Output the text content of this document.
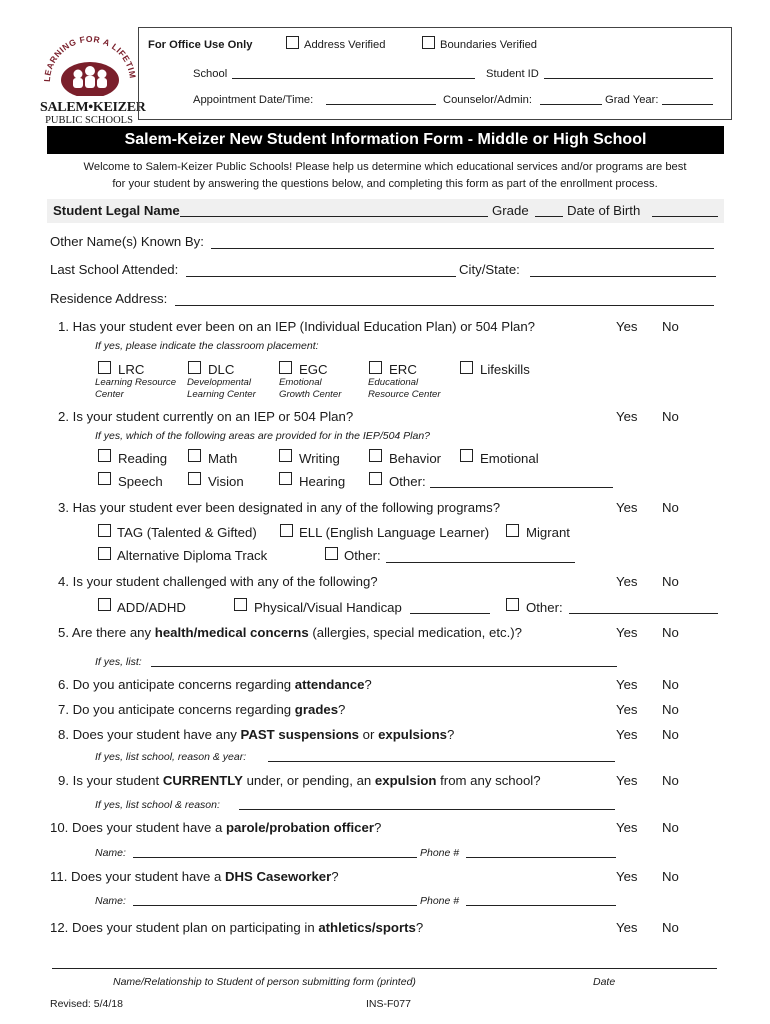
LEARNING FOR A LIFETIM
SALEM•KEIZER
PUBLIC SCHOOLS
For Office Use Only	Address Verified	Boundaries Verified
School	Student ID
Appointment Date/Time:	Counselor/Admin:	Grad Year:
Salem-Keizer New Student Information Form - Middle or High School
Welcome to Salem-Keizer Public Schools! Please help us determine which educational services and/or programs are best
for your student by answering the questions below, and completing this form as part of the enrollment process.
Student Legal Name	Grade	Date of Birth
Other Name(s) Known By:
Last School Attended:	City/State:
Residence Address:
1. Has your student ever been on an IEP (Individual Education Plan) or 504 Plan?	Yes No
If yes, please indicate the classroom placement:
LRC
Learning Resource
Center
DLC
Developmental
Learning Center
EGC
Emotional
Growth Center
ERC
Educational
Resource Center
Lifeskills
2. Is your student currently on an IEP or 504 Plan?	Yes No
If yes, which of the following areas are provided for in the IEP/504 Plan?
Reading	Math	Writing	Behavior	Emotional
Speech	Vision	Hearing	Other:
3. Has your student ever been designated in any of the following programs?	Yes No
TAG (Talented & Gifted)	ELL (English Language Learner)	Migrant
Alternative Diploma Track	Other:
4. Is your student challenged with any of the following?	Yes No
ADD/ADHD	Physical/Visual Handicap	Other:
5. Are there any health/medical concerns (allergies, special medication, etc.)?	Yes No
If yes, list:
6. Do you anticipate concerns regarding attendance?	Yes No
7. Do you anticipate concerns regarding grades?	Yes No
8. Does your student have any PAST suspensions or expulsions?	Yes No
If yes, list school, reason & year:
9. Is your student CURRENTLY under, or pending, an expulsion from any school?	Yes No
If yes, list school & reason:
10. Does your student have a parole/probation officer?	Yes No
Name:	Phone #
11. Does your student have a DHS Caseworker?	Yes No
Name:	Phone #
12. Does your student plan on participating in athletics/sports?	Yes No
Name/Relationship to Student of person submitting form (printed)	Date
Revised: 5/4/18	INS-F077
